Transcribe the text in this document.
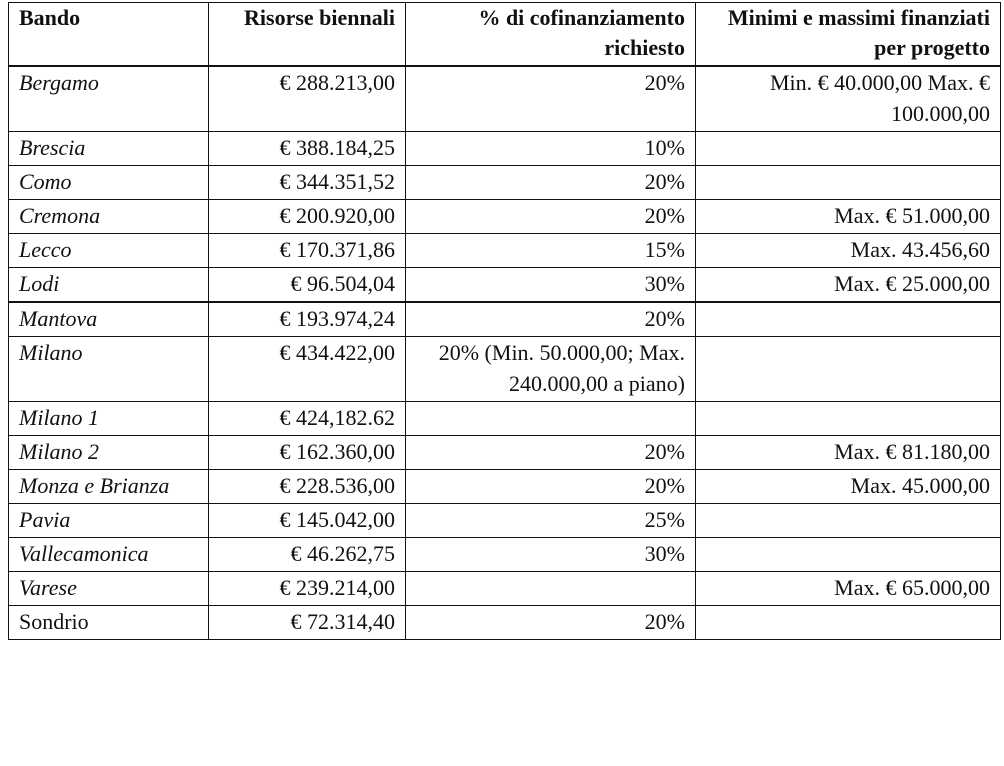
Bando	Risorse biennali	% di cofinanziamento richiesto	Minimi e massimi finanziati per progetto
Bergamo	€ 288.213,00	20%	Min. € 40.000,00 Max. € 100.000,00
Brescia	€ 388.184,25	10%	
Como	€ 344.351,52	20%	
Cremona	€ 200.920,00	20%	Max. € 51.000,00
Lecco	€ 170.371,86	15%	Max. 43.456,60
Lodi	€ 96.504,04	30%	Max. € 25.000,00
Mantova	€ 193.974,24	20%	
Milano	€ 434.422,00	20% (Min. 50.000,00; Max. 240.000,00 a piano)	
Milano 1	€ 424,182.62		
Milano 2	€ 162.360,00	20%	Max. € 81.180,00
Monza e Brianza	€ 228.536,00	20%	Max. 45.000,00
Pavia	€ 145.042,00	25%	
Vallecamonica	€ 46.262,75	30%	
Varese	€ 239.214,00		Max. € 65.000,00
Sondrio	€ 72.314,40	20%	
